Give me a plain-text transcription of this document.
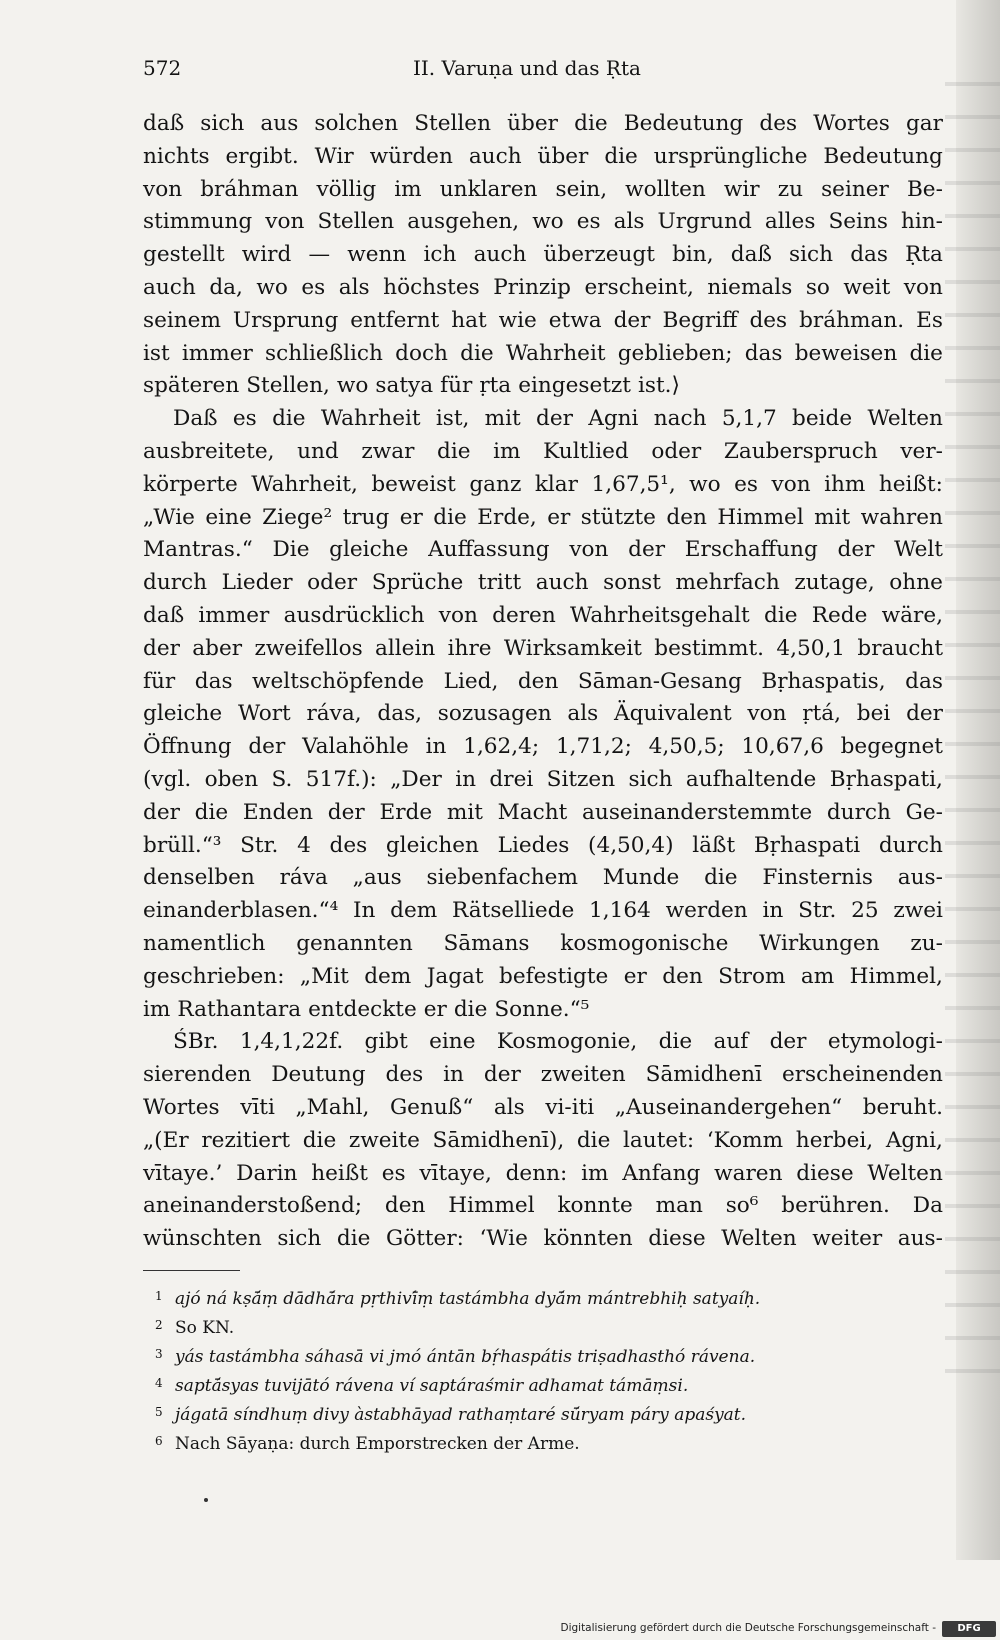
572	II. Varuṇa und das Ṛta
daß sich aus solchen Stellen über die Bedeutung des Wortes gar
nichts ergibt. Wir würden auch über die ursprüngliche Bedeutung
von bráhman völlig im unklaren sein, wollten wir zu seiner Be-
stimmung von Stellen ausgehen, wo es als Urgrund alles Seins hin-
gestellt wird — wenn ich auch überzeugt bin, daß sich das Ṛta
auch da, wo es als höchstes Prinzip erscheint, niemals so weit von
seinem Ursprung entfernt hat wie etwa der Begriff des bráhman. Es
ist immer schließlich doch die Wahrheit geblieben; das beweisen die
späteren Stellen, wo satya für ṛta eingesetzt ist.⟩
Daß es die Wahrheit ist, mit der Agni nach 5,1,7 beide Welten
ausbreitete, und zwar die im Kultlied oder Zauberspruch ver-
körperte Wahrheit, beweist ganz klar 1,67,5¹, wo es von ihm heißt:
„Wie eine Ziege² trug er die Erde, er stützte den Himmel mit wahren
Mantras.“ Die gleiche Auffassung von der Erschaffung der Welt
durch Lieder oder Sprüche tritt auch sonst mehrfach zutage, ohne
daß immer ausdrücklich von deren Wahrheitsgehalt die Rede wäre,
der aber zweifellos allein ihre Wirksamkeit bestimmt. 4,50,1 braucht
für das weltschöpfende Lied, den Sāman-Gesang Bṛhaspatis, das
gleiche Wort ráva, das, sozusagen als Äquivalent von ṛtá, bei der
Öffnung der Valahöhle in 1,62,4; 1,71,2; 4,50,5; 10,67,6 begegnet
(vgl. oben S. 517f.): „Der in drei Sitzen sich aufhaltende Bṛhaspati,
der die Enden der Erde mit Macht auseinanderstemmte durch Ge-
brüll.“³ Str. 4 des gleichen Liedes (4,50,4) läßt Bṛhaspati durch
denselben ráva „aus siebenfachem Munde die Finsternis aus-
einanderblasen.“⁴ In dem Rätselliede 1,164 werden in Str. 25 zwei
namentlich genannten Sāmans kosmogonische Wirkungen zu-
geschrieben: „Mit dem Jagat befestigte er den Strom am Himmel,
im Rathantara entdeckte er die Sonne.“⁵
ŚBr. 1,4,1,22f. gibt eine Kosmogonie, die auf der etymologi-
sierenden Deutung des in der zweiten Sāmidhenī erscheinenden
Wortes vīti „Mahl, Genuß“ als vi-iti „Auseinandergehen“ beruht.
„(Er rezitiert die zweite Sāmidhenī), die lautet: ‘Komm herbei, Agni,
vītaye.’ Darin heißt es vītaye, denn: im Anfang waren diese Welten
aneinanderstoßend; den Himmel konnte man so⁶ berühren. Da
wünschten sich die Götter: ‘Wie könnten diese Welten weiter aus-
1 ajó ná kṣā́ṃ dādhā́ra pṛthivī́ṃ tastámbha dyā́m mántrebhiḥ satyaíḥ.
2 So KN.
3 yás tastámbha sáhasā vi jmó ántān bṛ́haspátis triṣadhasthó rávena.
4 saptā́syas tuvijātó rávena ví saptáraśmir adhamat támāṃsi.
5 jágatā síndhuṃ divy àstabhāyad rathaṃtaré sū́ryam páry apaśyat.
6 Nach Sāyaṇa: durch Emporstrecken der Arme.
Digitalisierung gefördert durch die Deutsche Forschungsgemeinschaft -	DFG
